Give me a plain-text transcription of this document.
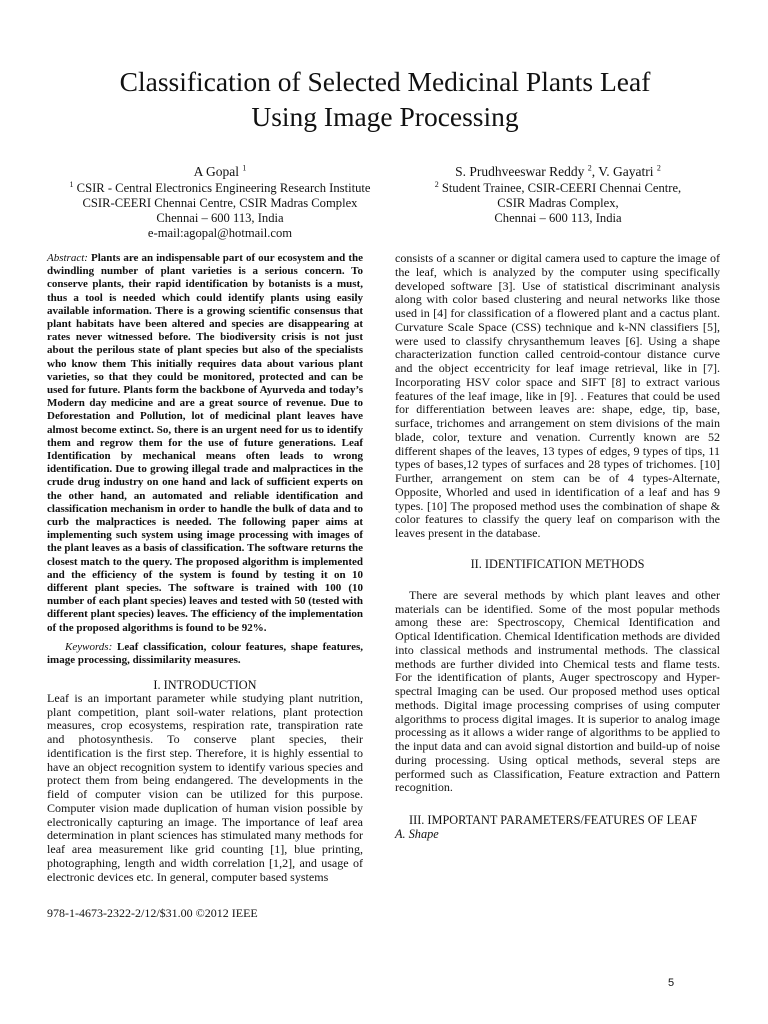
Classification of Selected Medicinal Plants Leaf
Using Image Processing
A Gopal $^1$
$^1$ CSIR - Central Electronics Engineering Research Institute
CSIR-CEERI Chennai Centre, CSIR Madras Complex
Chennai – 600 113, India
e-mail:agopal@hotmail.com
S. Prudhveeswar Reddy $^2$, V. Gayatri $^2$
$^2$ Student Trainee, CSIR-CEERI Chennai Centre,
CSIR Madras Complex,
Chennai – 600 113, India

Abstract: Plants are an indispensable part of our ecosystem and the dwindling number of plant varieties is a serious concern. To conserve plants, their rapid identification by botanists is a must, thus a tool is needed which could identify plants using easily available information. There is a growing scientific consensus that plant habitats have been altered and species are disappearing at rates never witnessed before. The biodiversity crisis is not just about the perilous state of plant species but also of the specialists who know them This initially requires data about various plant varieties, so that they could be monitored, protected and can be used for future. Plants form the backbone of Ayurveda and today’s Modern day medicine and are a great source of revenue. Due to Deforestation and Pollution, lot of medicinal plant leaves have almost become extinct. So, there is an urgent need for us to identify them and regrow them for the use of future generations. Leaf Identification by mechanical means often leads to wrong identification. Due to growing illegal trade and malpractices in the crude drug industry on one hand and lack of sufficient experts on the other hand, an automated and reliable identification and classification mechanism in order to handle the bulk of data and to curb the malpractices is needed. The following paper aims at implementing such system using image processing with images of the plant leaves as a basis of classification. The software returns the closest match to the query. The proposed algorithm is implemented and the efficiency of the system is found by testing it on 10 different plant species. The software is trained with 100 (10 number of each plant species) leaves and tested with 50 (tested with different plant species) leaves. The efficiency of the implementation of the proposed algorithms is found to be 92%.

Keywords: Leaf classification, colour features, shape features, image processing, dissimilarity measures.

I. INTRODUCTION

Leaf is an important parameter while studying plant nutrition, plant competition, plant soil-water relations, plant protection measures, crop ecosystems, respiration rate, transpiration rate and photosynthesis. To conserve plant species, their identification is the first step. Therefore, it is highly essential to have an object recognition system to identify various species and protect them from being endangered. The developments in the field of computer vision can be utilized for this purpose. Computer vision made duplication of human vision possible by electronically capturing an image. The importance of leaf area determination in plant sciences has stimulated many methods for leaf area measurement like grid counting [1], blue printing, photographing, length and width correlation [1,2], and usage of electronic devices etc. In general, computer based systems

consists of a scanner or digital camera used to capture the image of the leaf, which is analyzed by the computer using specifically developed software [3]. Use of statistical discriminant analysis along with color based clustering and neural networks like those used in [4] for classification of a flowered plant and a cactus plant. Curvature Scale Space (CSS) technique and k-NN classifiers [5], were used to classify chrysanthemum leaves [6]. Using a shape characterization function called centroid-contour distance curve and the object eccentricity for leaf image retrieval, like in [7]. Incorporating HSV color space and SIFT [8] to extract various features of the leaf image, like in [9]. . Features that could be used for differentiation between leaves are: shape, edge, tip, base, surface, trichomes and arrangement on stem divisions of the main blade, color, texture and venation. Currently known are 52 different shapes of the leaves, 13 types of edges, 9 types of tips, 11 types of bases,12 types of surfaces and 28 types of trichomes. [10] Further, arrangement on stem can be of 4 types-Alternate, Opposite, Whorled and used in identification of a leaf and has 9 types. [10] The proposed method uses the combination of shape & color features to classify the query leaf on comparison with the leaves present in the database.

II. IDENTIFICATION METHODS

There are several methods by which plant leaves and other materials can be identified. Some of the most popular methods among these are: Spectroscopy, Chemical Identification and Optical Identification. Chemical Identification methods are divided into classical methods and instrumental methods. The classical methods are further divided into Chemical tests and flame tests. For the identification of plants, Auger spectroscopy and Hyper-spectral Imaging can be used. Our proposed method uses optical methods. Digital image processing comprises of using computer algorithms to process digital images. It is superior to analog image processing as it allows a wider range of algorithms to be applied to the input data and can avoid signal distortion and build-up of noise during processing. Using optical methods, several steps are performed such as Classification, Feature extraction and Pattern recognition.

III. IMPORTANT PARAMETERS/FEATURES OF LEAF

A. Shape

978-1-4673-2322-2/12/$31.00 ©2012 IEEE
5
